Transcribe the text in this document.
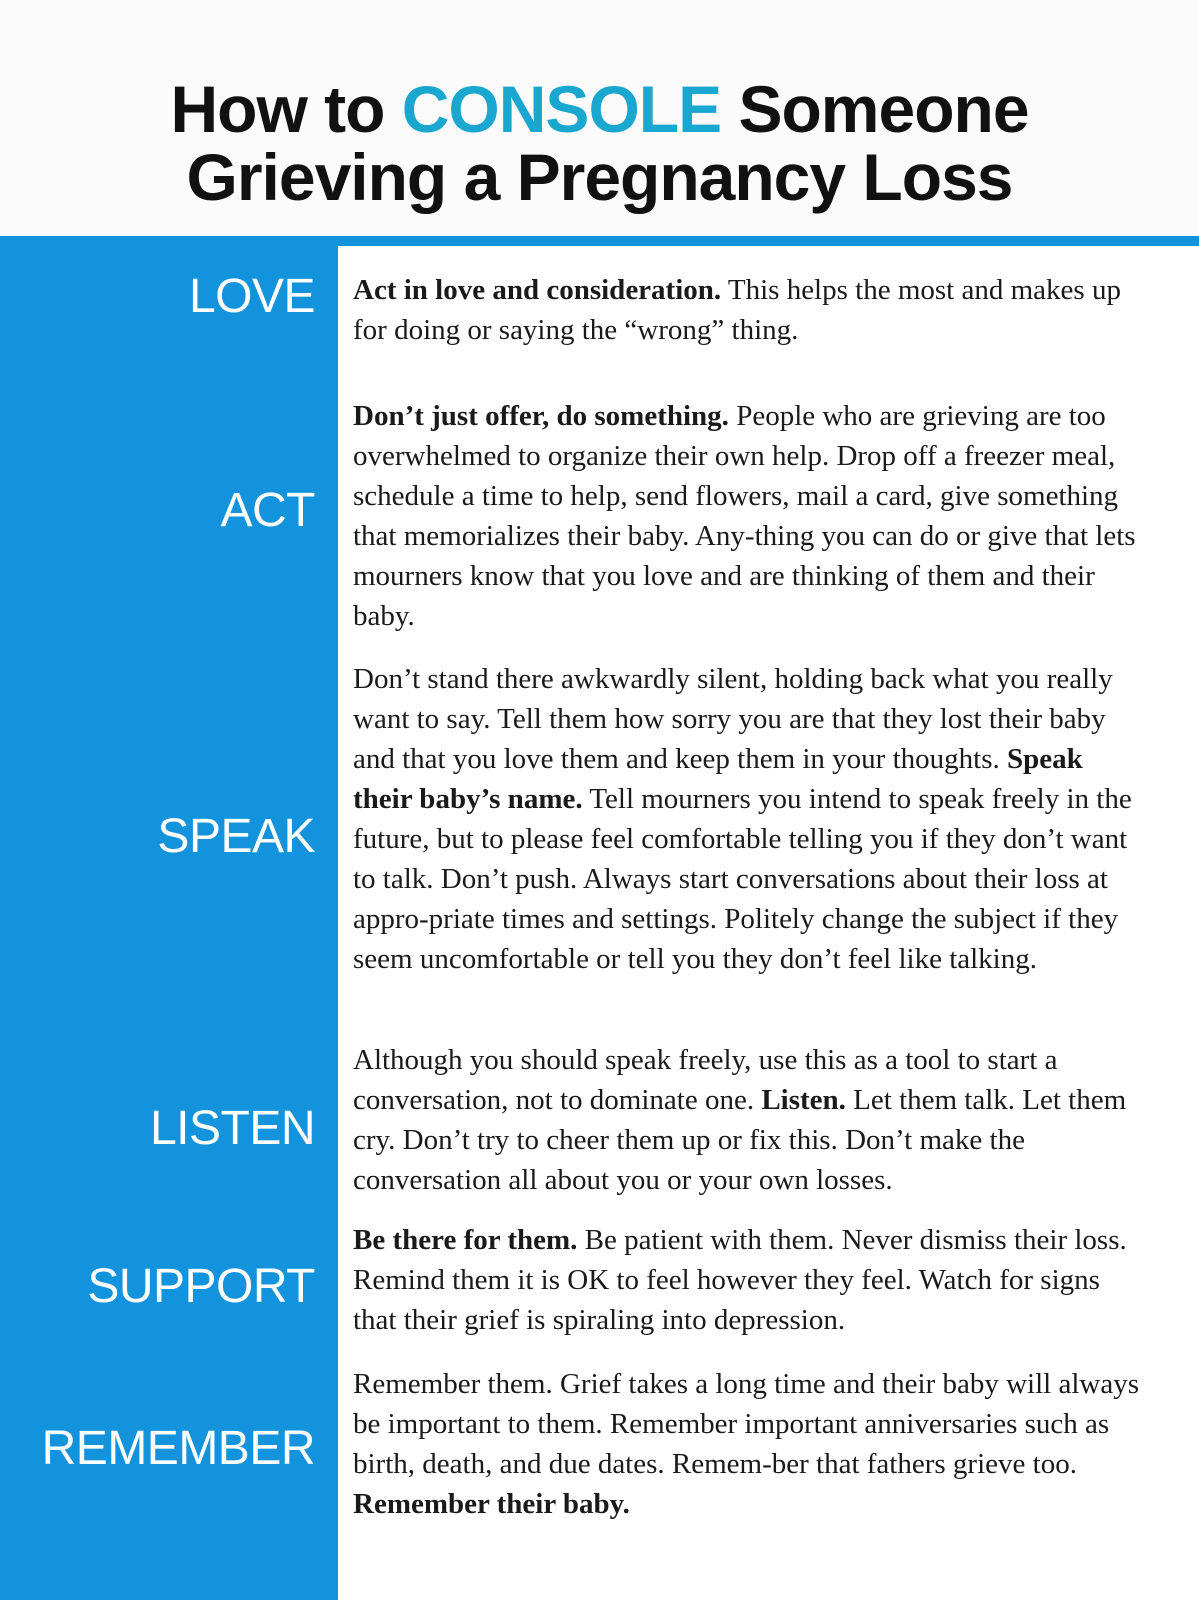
How to CONSOLE Someone
Grieving a Pregnancy Loss
LOVE Act in love and consideration. This helps the most and makes up for doing or saying the “wrong” thing.

ACT

Don’t just offer, do something. People who are grieving are too overwhelmed to organize their own help. Drop off a freezer meal, schedule a time to help, send flowers, mail a card, give something that memorializes their baby. Any-thing you can do or give that lets mourners know that you love and are thinking of them and their baby.

SPEAK

Don’t stand there awkwardly silent, holding back what you really want to say. Tell them how sorry you are that they lost their baby and that you love them and keep them in your thoughts. Speak their baby’s name. Tell mourners you intend to speak freely in the future, but to please feel comfortable telling you if they don’t want to talk. Don’t push. Always start conversations about their loss at appro-priate times and settings. Politely change the subject if they seem uncomfortable or tell you they don’t feel like talking.

LISTEN

Although you should speak freely, use this as a tool to start a conversation, not to dominate one. Listen. Let them talk. Let them cry. Don’t try to cheer them up or fix this. Don’t make the conversation all about you or your own losses.

SUPPORT

Be there for them. Be patient with them. Never dismiss their loss. Remind them it is OK to feel however they feel. Watch for signs that their grief is spiraling into depression.

REMEMBER

Remember them. Grief takes a long time and their baby will always be important to them. Remember important anniversaries such as birth, death, and due dates. Remem-ber that fathers grieve too. Remember their baby.
